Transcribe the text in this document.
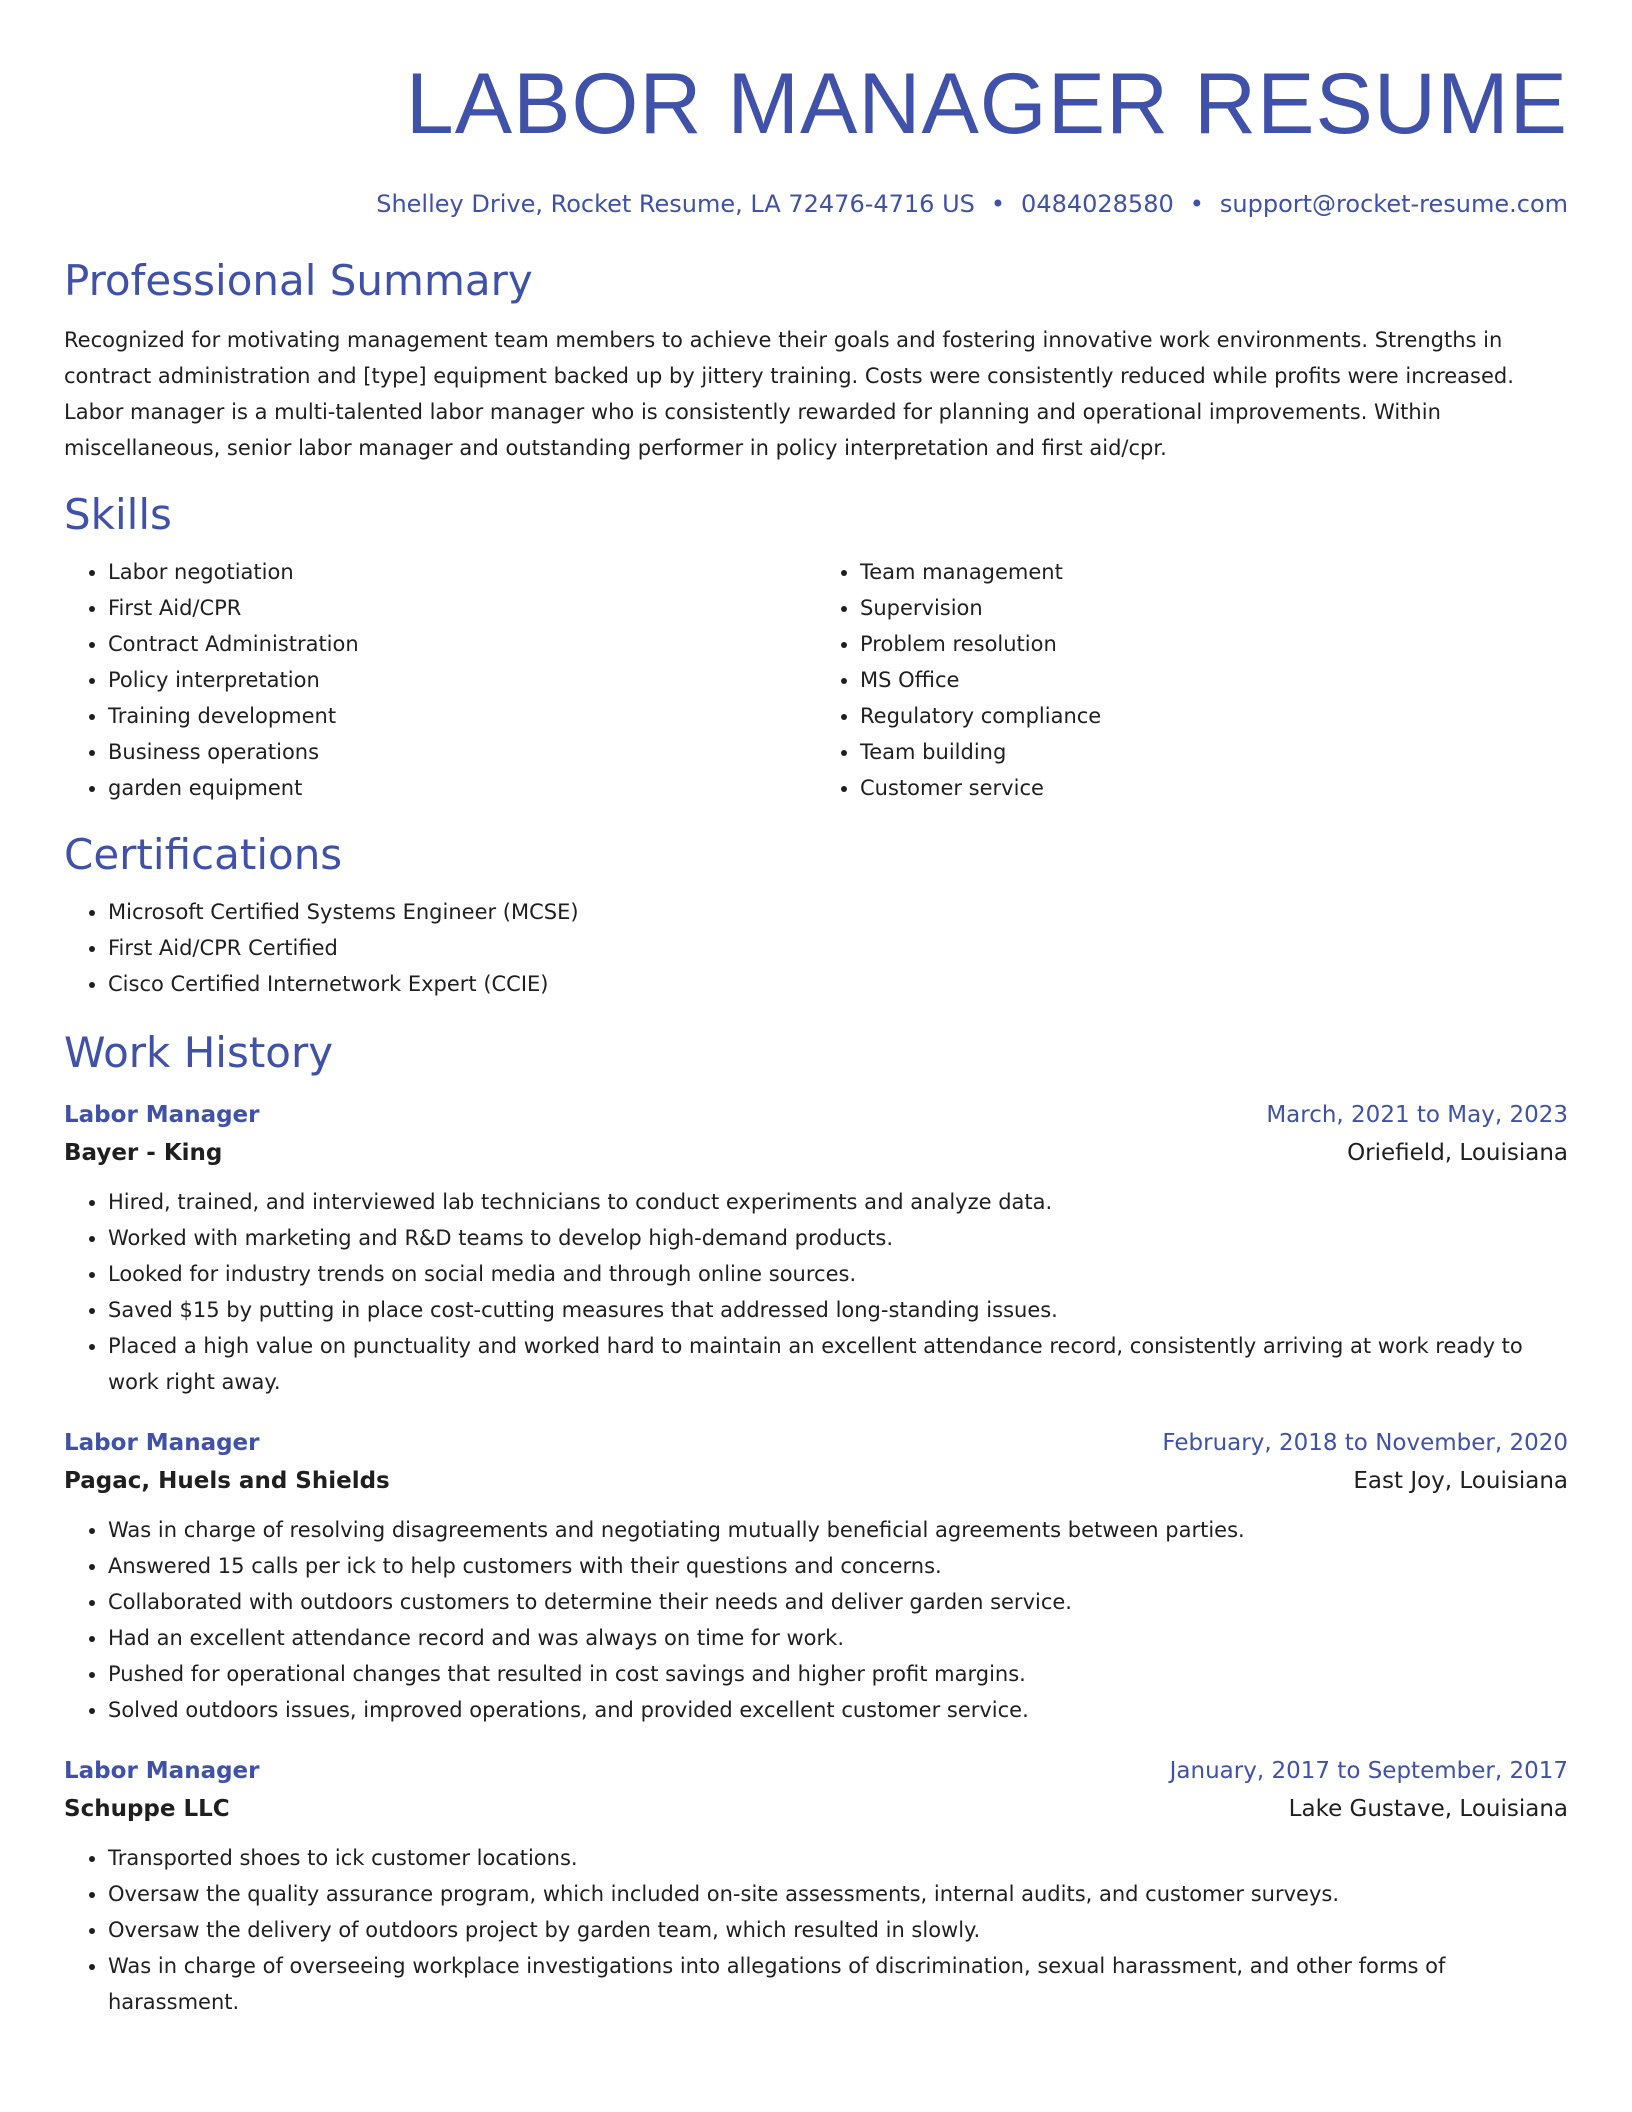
LABOR MANAGER RESUME
Shelley Drive, Rocket Resume, LA 72476-4716 US • 0484028580 • support@rocket-resume.com
Professional Summary
Recognized for motivating management team members to achieve their goals and fostering innovative work environments. Strengths in contract administration and [type] equipment backed up by jittery training. Costs were consistently reduced while profits were increased. Labor manager is a multi-talented labor manager who is consistently rewarded for planning and operational improvements. Within miscellaneous, senior labor manager and outstanding performer in policy interpretation and first aid/cpr.
Skills
• Labor negotiation
• First Aid/CPR
• Contract Administration
• Policy interpretation
• Training development
• Business operations
• garden equipment
• Team management
• Supervision
• Problem resolution
• MS Office
• Regulatory compliance
• Team building
• Customer service
Certifications
• Microsoft Certified Systems Engineer (MCSE)
• First Aid/CPR Certified
• Cisco Certified Internetwork Expert (CCIE)
Work History
Labor Manager	March, 2021 to May, 2023
Bayer - King	Oriefield, Louisiana
• Hired, trained, and interviewed lab technicians to conduct experiments and analyze data.
• Worked with marketing and R&D teams to develop high-demand products.
• Looked for industry trends on social media and through online sources.
• Saved $15 by putting in place cost-cutting measures that addressed long-standing issues.
• Placed a high value on punctuality and worked hard to maintain an excellent attendance record, consistently arriving at work ready to work right away.
Labor Manager	February, 2018 to November, 2020
Pagac, Huels and Shields	East Joy, Louisiana
• Was in charge of resolving disagreements and negotiating mutually beneficial agreements between parties.
• Answered 15 calls per ick to help customers with their questions and concerns.
• Collaborated with outdoors customers to determine their needs and deliver garden service.
• Had an excellent attendance record and was always on time for work.
• Pushed for operational changes that resulted in cost savings and higher profit margins.
• Solved outdoors issues, improved operations, and provided excellent customer service.
Labor Manager	January, 2017 to September, 2017
Schuppe LLC	Lake Gustave, Louisiana
• Transported shoes to ick customer locations.
• Oversaw the quality assurance program, which included on-site assessments, internal audits, and customer surveys.
• Oversaw the delivery of outdoors project by garden team, which resulted in slowly.
• Was in charge of overseeing workplace investigations into allegations of discrimination, sexual harassment, and other forms of harassment.
